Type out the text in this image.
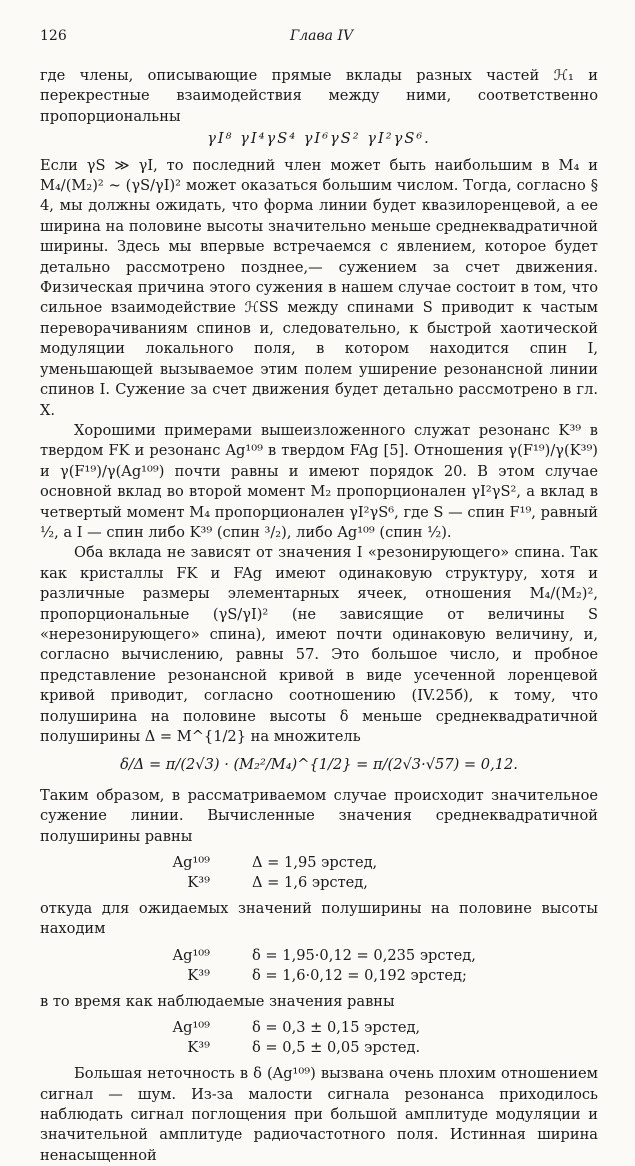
126	Глава IV

где члены, описывающие прямые вклады разных частей ℋ₁ и перекрестные взаимодействия между ними, соответственно пропорциональны

γI⁸ γI⁴γS⁴ γI⁶γS² γI²γS⁶.

Если γS ≫ γI, то последний член может быть наибольшим в M₄ и M₄/(M₂)² ~ (γS/γI)² может оказаться большим числом. Тогда, согласно § 4, мы должны ожидать, что форма линии будет квазилоренцевой, а ее ширина на половине высоты значительно меньше среднеквадратичной ширины. Здесь мы впервые встречаемся с явлением, которое будет детально рассмотрено позднее,— сужением за счет движения. Физическая причина этого сужения в нашем случае состоит в том, что сильное взаимодействие ℋSS между спинами S приводит к частым переворачиваниям спинов и, следовательно, к быстрой хаотической модуляции локального поля, в котором находится спин I, уменьшающей вызываемое этим полем уширение резонансной линии спинов I. Сужение за счет движения будет детально рассмотрено в гл. X.

Хорошими примерами вышеизложенного служат резонанс K³⁹ в твердом FK и резонанс Ag¹⁰⁹ в твердом FAg [5]. Отношения γ(F¹⁹)/γ(K³⁹) и γ(F¹⁹)/γ(Ag¹⁰⁹) почти равны и имеют порядок 20. В этом случае основной вклад во второй момент M₂ пропорционален γI²γS², а вклад в четвертый момент M₄ пропорционален γI²γS⁶, где S — спин F¹⁹, равный ½, а I — спин либо K³⁹ (спин ³/₂), либо Ag¹⁰⁹ (спин ½).

Оба вклада не зависят от значения I «резонирующего» спина. Так как кристаллы FK и FAg имеют одинаковую структуру, хотя и различные размеры элементарных ячеек, отношения M₄/(M₂)², пропорциональные (γS/γI)² (не зависящие от величины S «нерезонирующего» спина), имеют почти одинаковую величину, и, согласно вычислению, равны 57. Это большое число, и пробное представление резонансной кривой в виде усеченной лоренцевой кривой приводит, согласно соотношению (IV.25б), к тому, что полуширина на половине высоты δ меньше среднеквадратичной полуширины Δ = M^{1/2} на множитель

δ/Δ = π/(2√3) · (M₂²/M₄)^{1/2} = π/(2√3·√57) = 0,12.

Таким образом, в рассматриваемом случае происходит значительное сужение линии. Вычисленные значения среднеквадратичной полуширины равны

Ag¹⁰⁹	Δ = 1,95 эрстед,
K³⁹	Δ = 1,6 эрстед,

откуда для ожидаемых значений полуширины на половине высоты находим

Ag¹⁰⁹	δ = 1,95·0,12 = 0,235 эрстед,
K³⁹	δ = 1,6·0,12 = 0,192 эрстед;

в то время как наблюдаемые значения равны

Ag¹⁰⁹	δ = 0,3 ± 0,15 эрстед,
K³⁹	δ = 0,5 ± 0,05 эрстед.

Большая неточность в δ (Ag¹⁰⁹) вызвана очень плохим отношением сигнал — шум. Из-за малости сигнала резонанса приходилось наблюдать сигнал поглощения при большой амплитуде модуляции и значительной амплитуде радиочастотного поля. Истинная ширина ненасыщенной
